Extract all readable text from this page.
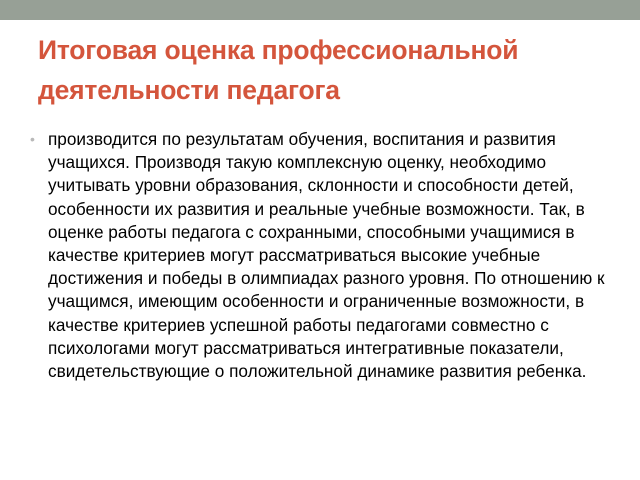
Итоговая оценка профессиональной деятельности педагога
• производится по результатам обучения, воспитания и развития учащихся. Производя такую комплексную оценку, необходимо учитывать уровни образования, склонности и способности детей, особенности их развития и реальные учебные возможности. Так, в оценке работы педагога с сохранными, способными учащимися в качестве критериев могут рассматриваться высокие учебные достижения и победы в олимпиадах разного уровня. По отношению к учащимся, имеющим особенности и ограниченные возможности, в качестве критериев успешной работы педагогами совместно с психологами могут рассматриваться интегративные показатели, свидетельствующие о положительной динамике развития ребенка.
